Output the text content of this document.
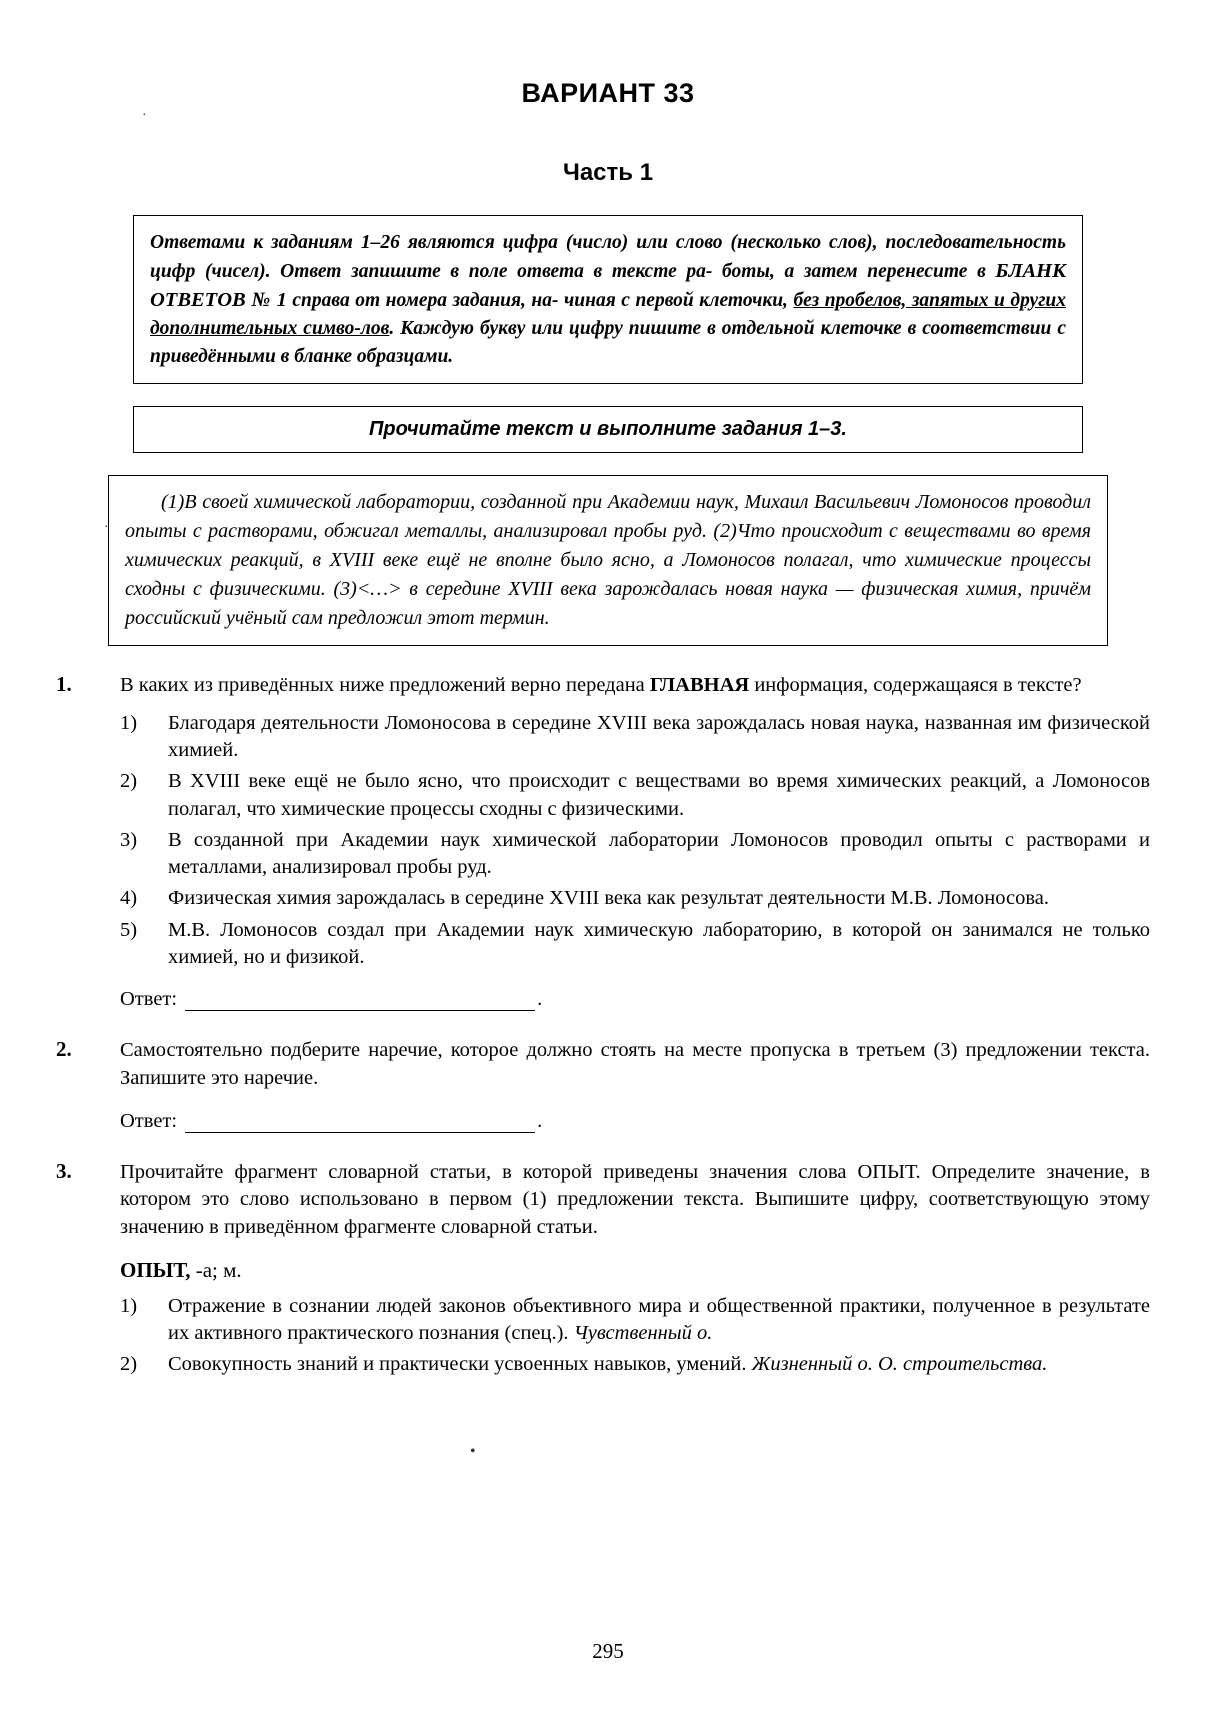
·
·
•
ВАРИАНТ 33
Часть 1

Ответами к заданиям 1–26 являются цифра (число) или слово (несколько слов), последовательность цифр (чисел). Ответ запишите в поле ответа в тексте ра- боты, а затем перенесите в БЛАНК ОТВЕТОВ № 1 справа от номера задания, на- чиная с первой клеточки, без пробелов, запятых и других дополнительных симво-лов. Каждую букву или цифру пишите в отдельной клеточке в соответствии с приведёнными в бланке образцами.

Прочитайте текст и выполните задания 1–3.

(1)В своей химической лаборатории, созданной при Академии наук, Михаил Васильевич Ломоносов проводил опыты с растворами, обжигал металлы, анализировал пробы руд. (2)Что происходит с веществами во время химических реакций, в XVIII веке ещё не вполне было ясно, а Ломоносов полагал, что химические процессы сходны с физическими. (3)<…> в середине XVIII века зарождалась новая наука — физическая химия, причём российский учёный сам предложил этот термин.

1.	В каких из приведённых ниже предложений верно передана ГЛАВНАЯ информация, содержащаяся в тексте?

1)	Благодаря деятельности Ломоносова в середине XVIII века зарождалась новая наука, названная им физической химией.
2)	В XVIII веке ещё не было ясно, что происходит с веществами во время химических реакций, а Ломоносов полагал, что химические процессы сходны с физическими.
3)	В созданной при Академии наук химической лаборатории Ломоносов проводил опыты с растворами и металлами, анализировал пробы руд.
4)	Физическая химия зарождалась в середине XVIII века как результат деятельности М.В. Ломоносова.
5)	М.В. Ломоносов создал при Академии наук химическую лабораторию, в которой он занимался не только химией, но и физикой.
Ответ:	.
2.	Самостоятельно подберите наречие, которое должно стоять на месте пропуска в третьем (3) предложении текста. Запишите это наречие.

Ответ:	.
3.	Прочитайте фрагмент словарной статьи, в которой приведены значения слова ОПЫТ. Определите значение, в котором это слово использовано в первом (1) предложении текста. Выпишите цифру, соответствующую этому значению в приведённом фрагменте словарной статьи.

ОПЫТ, -а; м.
1)	Отражение в сознании людей законов объективного мира и общественной практики, полученное в результате их активного практического познания (спец.). Чувственный о.
2)	Совокупность знаний и практически усвоенных навыков, умений. Жизненный о. О. строительства.
295
